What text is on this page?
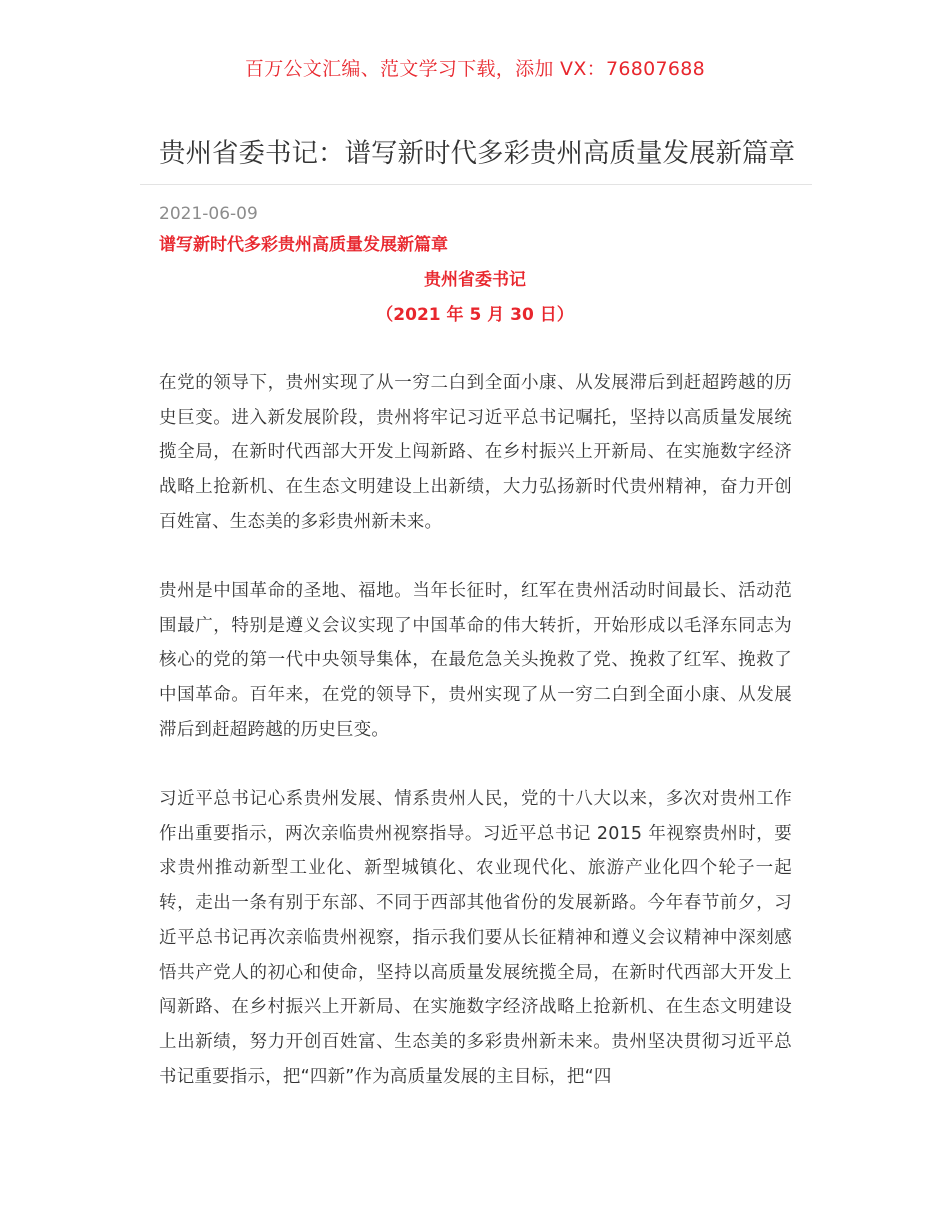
百万公文汇编、范文学习下载，添加 VX：76807688
贵州省委书记：谱写新时代多彩贵州高质量发展新篇章
2021-06-09
谱写新时代多彩贵州高质量发展新篇章
贵州省委书记
（2021 年 5 月 30 日）

在党的领导下，贵州实现了从一穷二白到全面小康、从发展滞后到赶超跨越的历史巨变。进入新发展阶段，贵州将牢记习近平总书记嘱托，坚持以高质量发展统揽全局，在新时代西部大开发上闯新路、在乡村振兴上开新局、在实施数字经济战略上抢新机、在生态文明建设上出新绩，大力弘扬新时代贵州精神，奋力开创百姓富、生态美的多彩贵州新未来。

贵州是中国革命的圣地、福地。当年长征时，红军在贵州活动时间最长、活动范围最广，特别是遵义会议实现了中国革命的伟大转折，开始形成以毛泽东同志为核心的党的第一代中央领导集体，在最危急关头挽救了党、挽救了红军、挽救了中国革命。百年来，在党的领导下，贵州实现了从一穷二白到全面小康、从发展滞后到赶超跨越的历史巨变。

习近平总书记心系贵州发展、情系贵州人民，党的十八大以来，多次对贵州工作作出重要指示，两次亲临贵州视察指导。习近平总书记 2015 年视察贵州时，要求贵州推动新型工业化、新型城镇化、农业现代化、旅游产业化四个轮子一起转，走出一条有别于东部、不同于西部其他省份的发展新路。今年春节前夕，习近平总书记再次亲临贵州视察，指示我们要从长征精神和遵义会议精神中深刻感悟共产党人的初心和使命，坚持以高质量发展统揽全局，在新时代西部大开发上闯新路、在乡村振兴上开新局、在实施数字经济战略上抢新机、在生态文明建设上出新绩，努力开创百姓富、生态美的多彩贵州新未来。贵州坚决贯彻习近平总书记重要指示，把“四新”作为高质量发展的主目标，把“四
